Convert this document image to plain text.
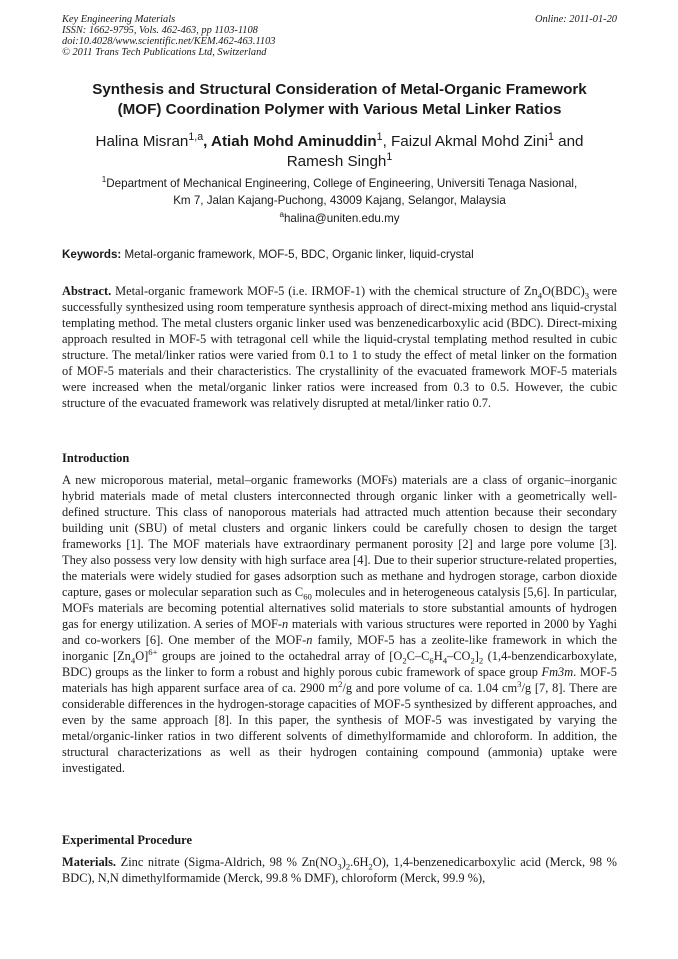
Key Engineering Materials
ISSN: 1662-9795, Vols. 462-463, pp 1103-1108
doi:10.4028/www.scientific.net/KEM.462-463.1103
© 2011 Trans Tech Publications Ltd, Switzerland
Online: 2011-01-20
Synthesis and Structural Consideration of Metal-Organic Framework
(MOF) Coordination Polymer with Various Metal Linker Ratios
Halina Misran$^{1,a}$, Atiah Mohd Aminuddin$^1$, Faizul Akmal Mohd Zini$^1$ and
Ramesh Singh$^1$
$^1$Department of Mechanical Engineering, College of Engineering, Universiti Tenaga Nasional,
Km 7, Jalan Kajang-Puchong, 43009 Kajang, Selangor, Malaysia
$^a$halina@uniten.edu.my
Keywords: Metal-organic framework, MOF-5, BDC, Organic linker, liquid-crystal
Abstract. Metal-organic framework MOF-5 (i.e. IRMOF-1) with the chemical structure of $Zn_4O(BDC)_3$ were successfully synthesized using room temperature synthesis approach of direct-mixing method ans liquid-crystal templating method. The metal clusters organic linker used was benzenedicarboxylic acid (BDC). Direct-mixing approach resulted in MOF-5 with tetragonal cell while the liquid-crystal templating method resulted in cubic structure. The metal/linker ratios were varied from 0.1 to 1 to study the effect of metal linker on the formation of MOF-5 materials and their characteristics. The crystallinity of the evacuated framework MOF-5 materials were increased when the metal/organic linker ratios were increased from 0.3 to 0.5. However, the cubic structure of the evacuated framework was relatively disrupted at metal/linker ratio 0.7.
Introduction
A new microporous material, metal–organic frameworks (MOFs) materials are a class of organic–inorganic hybrid materials made of metal clusters interconnected through organic linker with a geometrically well-defined structure. This class of nanoporous materials had attracted much attention because their secondary building unit (SBU) of metal clusters and organic linkers could be carefully chosen to design the target frameworks [1]. The MOF materials have extraordinary permanent porosity [2] and large pore volume [3]. They also possess very low density with high surface area [4]. Due to their superior structure-related properties, the materials were widely studied for gases adsorption such as methane and hydrogen storage, carbon dioxide capture, gases or molecular separation such as $C_{60}$ molecules and in heterogeneous catalysis [5,6]. In particular, MOFs materials are becoming potential alternatives solid materials to store substantial amounts of hydrogen gas for energy utilization. A series of MOF-n materials with various structures were reported in 2000 by Yaghi and co-workers [6]. One member of the MOF-n family, MOF-5 has a zeolite-like framework in which the inorganic $[Zn_4O]^{6+}$ groups are joined to the octahedral array of $[O_2C-C_6H_4-CO_2]_2$ (1,4-benzendicarboxylate, BDC) groups as the linker to form a robust and highly porous cubic framework of space group Fm3m. MOF-5 materials has high apparent surface area of ca. 2900 $m^2/g$ and pore volume of ca. 1.04 $cm^3/g$ [7, 8]. There are considerable differences in the hydrogen-storage capacities of MOF-5 synthesized by different approaches, and even by the same approach [8]. In this paper, the synthesis of MOF-5 was investigated by varying the metal/organic-linker ratios in two different solvents of dimethylformamide and chloroform. In addition, the structural characterizations as well as their hydrogen containing compound (ammonia) uptake were investigated.
Experimental Procedure
Materials. Zinc nitrate (Sigma-Aldrich, 98 % $Zn(NO_3)_2.6H_2O$), 1,4-benzenedicarboxylic acid (Merck, 98 % BDC), N,N dimethylformamide (Merck, 99.8 % DMF), chloroform (Merck, 99.9 %),
